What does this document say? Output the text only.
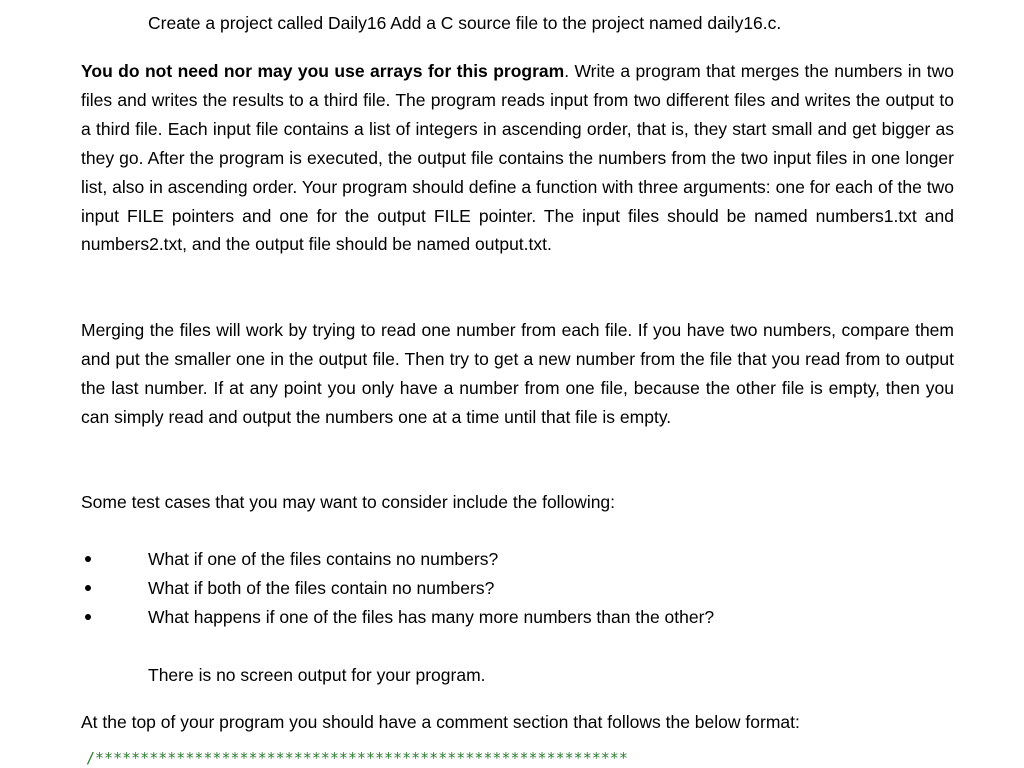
Create a project called Daily16 Add a C source file to the project named daily16.c.

You do not need nor may you use arrays for this program. Write a program that merges the numbers in two files and writes the results to a third file. The program reads input from two different files and writes the output to a third file. Each input file contains a list of integers in ascending order, that is, they start small and get bigger as they go. After the program is executed, the output file contains the numbers from the two input files in one longer list, also in ascending order. Your program should define a function with three arguments: one for each of the two input FILE pointers and one for the output FILE pointer. The input files should be named numbers1.txt and numbers2.txt, and the output file should be named output.txt.

Merging the files will work by trying to read one number from each file. If you have two numbers, compare them and put the smaller one in the output file. Then try to get a new number from the file that you read from to output the last number. If at any point you only have a number from one file, because the other file is empty, then you can simply read and output the numbers one at a time until that file is empty.

Some test cases that you may want to consider include the following:
What if one of the files contains no numbers?
What if both of the files contain no numbers?
What happens if one of the files has many more numbers than the other?
There is no screen output for your program.
At the top of your program you should have a comment section that follows the below format:
/***********************************************************
